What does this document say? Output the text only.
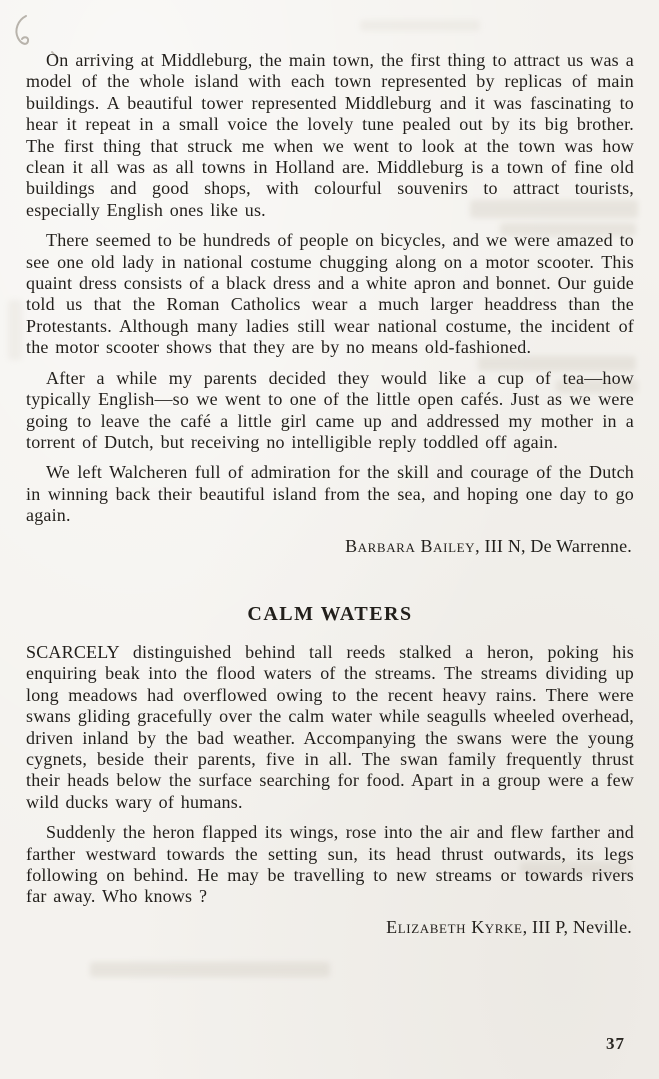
On arriving at Middleburg, the main town, the first thing to attract us was a model of the whole island with each town represented by replicas of main buildings. A beautiful tower represented Middleburg and it was fascinating to hear it repeat in a small voice the lovely tune pealed out by its big brother. The first thing that struck me when we went to look at the town was how clean it all was as all towns in Holland are. Middleburg is a town of fine old buildings and good shops, with colourful souvenirs to attract tourists, especially English ones like us.

There seemed to be hundreds of people on bicycles, and we were amazed to see one old lady in national costume chugging along on a motor scooter. This quaint dress consists of a black dress and a white apron and bonnet. Our guide told us that the Roman Catholics wear a much larger headdress than the Protestants. Although many ladies still wear national costume, the incident of the motor scooter shows that they are by no means old-fashioned.

After a while my parents decided they would like a cup of tea—how typically English—so we went to one of the little open cafés. Just as we were going to leave the café a little girl came up and addressed my mother in a torrent of Dutch, but receiving no intelligible reply toddled off again.

We left Walcheren full of admiration for the skill and courage of the Dutch in winning back their beautiful island from the sea, and hoping one day to go again.

Barbara Bailey, III N, De Warrenne.

CALM WATERS

SCARCELY distinguished behind tall reeds stalked a heron, poking his enquiring beak into the flood waters of the streams. The streams dividing up long meadows had overflowed owing to the recent heavy rains. There were swans gliding gracefully over the calm water while seagulls wheeled overhead, driven inland by the bad weather. Accompanying the swans were the young cygnets, beside their parents, five in all. The swan family frequently thrust their heads below the surface searching for food. Apart in a group were a few wild ducks wary of humans.

Suddenly the heron flapped its wings, rose into the air and flew farther and farther westward towards the setting sun, its head thrust outwards, its legs following on behind. He may be travelling to new streams or towards rivers far away. Who knows ?

Elizabeth Kyrke, III P, Neville.

37
